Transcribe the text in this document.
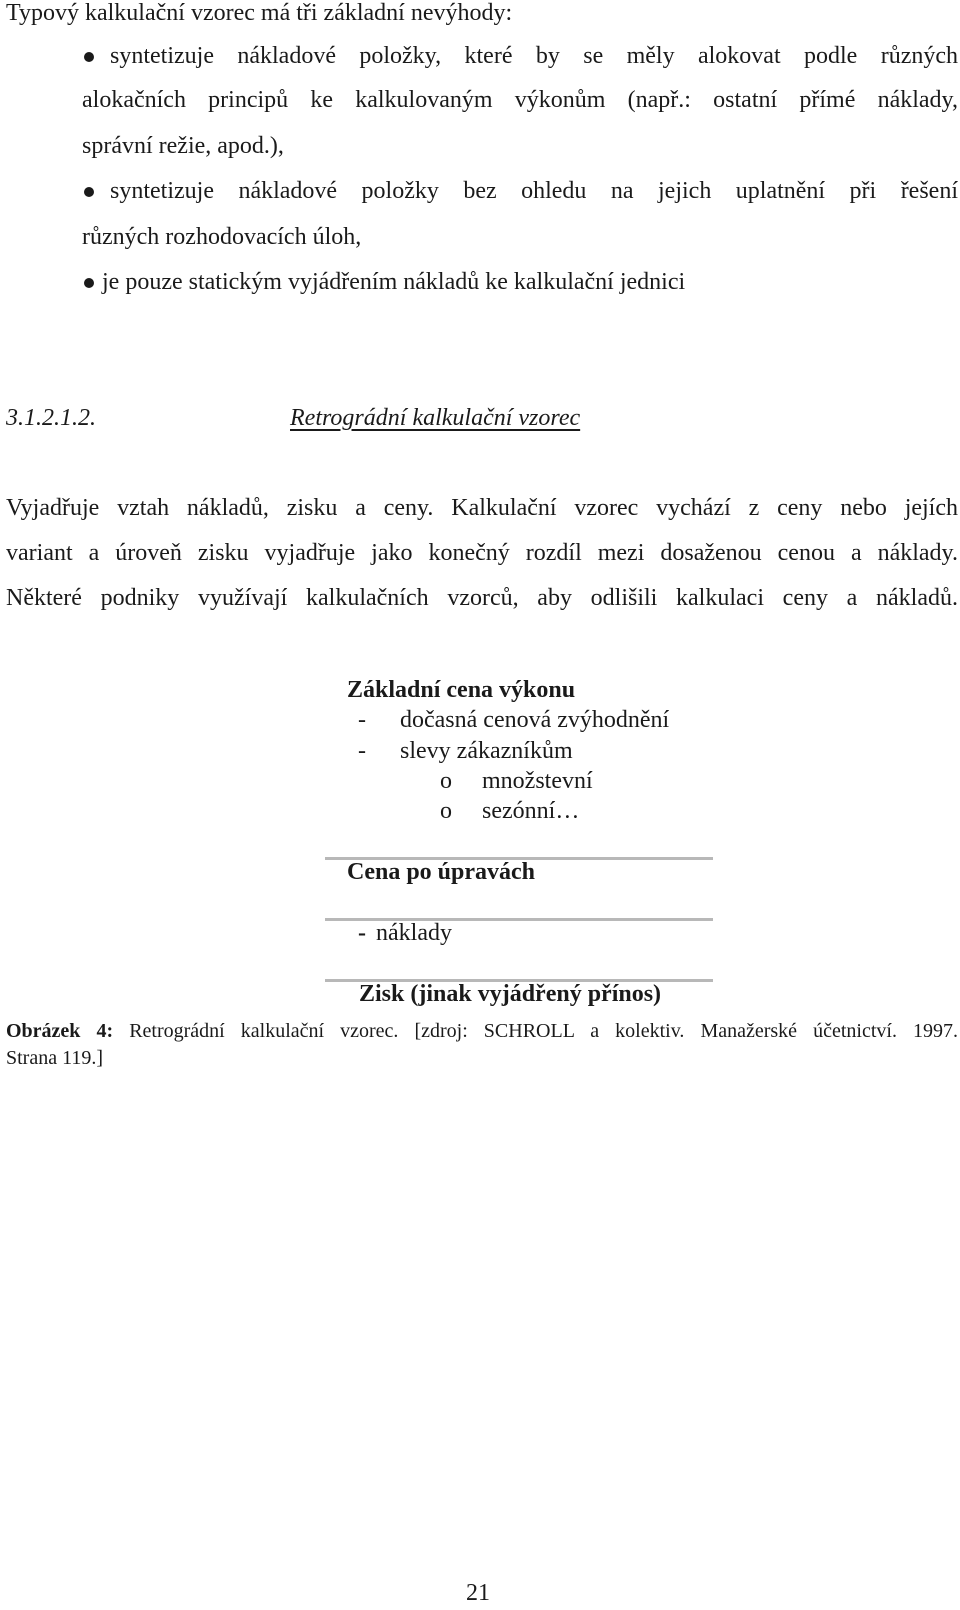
Typový kalkulační vzorec má tři základní nevýhody:
syntetizuje nákladové položky, které by se měly alokovat podle různých
alokačních principů ke kalkulovaným výkonům (např.: ostatní přímé náklady,
správní režie, apod.),
syntetizuje nákladové položky bez ohledu na jejich uplatnění při řešení
různých rozhodovacích úloh,
je pouze statickým vyjádřením nákladů ke kalkulační jednici
3.1.2.1.2.	Retrográdní kalkulační vzorec
Vyjadřuje vztah nákladů, zisku a ceny. Kalkulační vzorec vychází z ceny nebo jejích
variant a úroveň zisku vyjadřuje jako konečný rozdíl mezi dosaženou cenou a náklady.
Některé podniky využívají kalkulačních vzorců, aby odlišili kalkulaci ceny a nákladů.
Základní cena výkonu
- dočasná cenová zvýhodnění
- slevy zákazníkům
o množstevní
o sezónní…
Cena po úpravách
- náklady
Zisk (jinak vyjádřený přínos)
Obrázek 4: Retrográdní kalkulační vzorec. [zdroj: SCHROLL a kolektiv. Manažerské účetnictví. 1997.
Strana 119.]
21
